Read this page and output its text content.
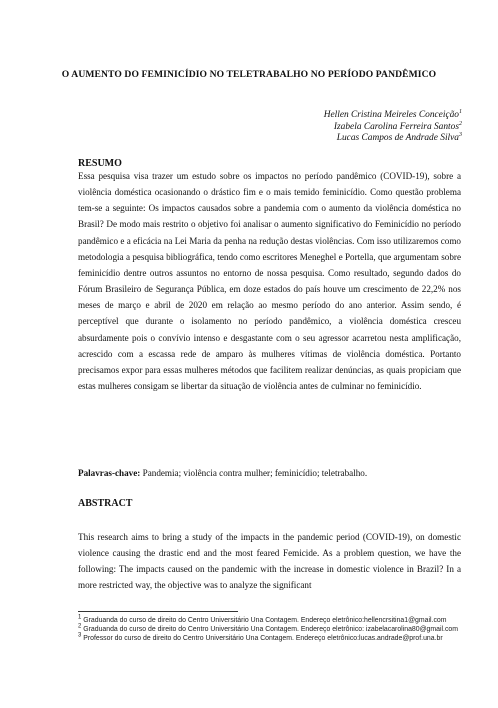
O AUMENTO DO FEMINICÍDIO NO TELETRABALHO NO PERÍODO PANDÊMICO
Hellen Cristina Meireles Conceição$^1$
Izabela Carolina Ferreira Santos$^2$
Lucas Campos de Andrade Silva$^3$
RESUMO
Essa pesquisa visa trazer um estudo sobre os impactos no período pandêmico (COVID-19), sobre a violência doméstica ocasionando o drástico fim e o mais temido feminicídio. Como questão problema tem-se a seguinte: Os impactos causados sobre a pandemia com o aumento da violência doméstica no Brasil? De modo mais restrito o objetivo foi analisar o aumento significativo do Feminicídio no período pandêmico e a eficácia na Lei Maria da penha na redução destas violências. Com isso utilizaremos como metodologia a pesquisa bibliográfica, tendo como escritores Meneghel e Portella, que argumentam sobre feminicídio dentre outros assuntos no entorno de nossa pesquisa. Como resultado, segundo dados do Fórum Brasileiro de Segurança Pública, em doze estados do país houve um crescimento de 22,2% nos meses de março e abril de 2020 em relação ao mesmo período do ano anterior. Assim sendo, é perceptível que durante o isolamento no período pandêmico, a violência doméstica cresceu absurdamente pois o convívio intenso e desgastante com o seu agressor acarretou nesta amplificação, acrescido com a escassa rede de amparo às mulheres vítimas de violência doméstica. Portanto precisamos expor para essas mulheres métodos que facilitem realizar denúncias, as quais propiciam que estas mulheres consigam se libertar da situação de violência antes de culminar no feminicídio.
Palavras-chave: Pandemia; violência contra mulher; feminicídio; teletrabalho.
ABSTRACT
This research aims to bring a study of the impacts in the pandemic period (COVID-19), on domestic violence causing the drastic end and the most feared Femicide. As a problem question, we have the following: The impacts caused on the pandemic with the increase in domestic violence in Brazil? In a more restricted way, the objective was to analyze the significant

$^1$ Graduanda do curso de direito do Centro Universitário Una Contagem. Endereço eletrônico:hellencrsitina1@gmail.com

$^2$ Graduanda do curso de direito do Centro Universitário Una Contagem. Endereço eletrônico: izabelacarolina80@gmail.com

$^3$ Professor do curso de direito do Centro Universitário Una Contagem. Endereço eletrônico:lucas.andrade@prof.una.br
